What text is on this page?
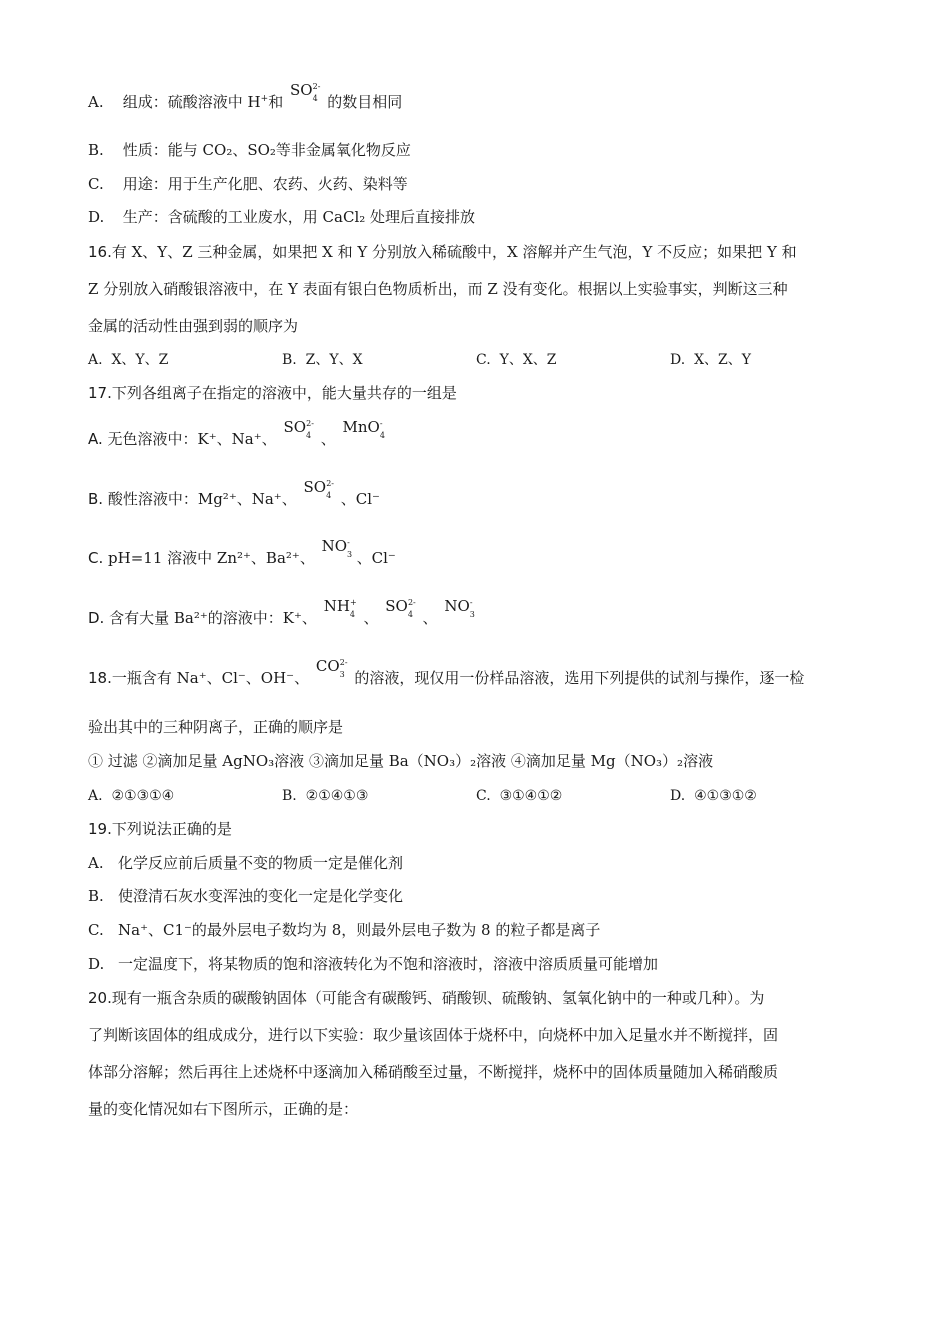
A. 组成：硫酸溶液中 H+和 $SO^{42-}$ 的数目相同
B. 性质：能与 CO₂、SO₂等非金属氧化物反应
C. 用途：用于生产化肥、农药、火药、染料等
D. 生产：含硫酸的工业废水，用 CaCl₂ 处理后直接排放
16.有 X、Y、Z 三种金属，如果把 X 和 Y 分别放入稀硫酸中，X 溶解并产生气泡，Y 不反应；如果把 Y 和
Z 分别放入硝酸银溶液中，在 Y 表面有银白色物质析出，而 Z 没有变化。根据以上实验事实，判断这三种
金属的活动性由强到弱的顺序为
A. X、Y、Z	B. Z、Y、X	C. Y、X、Z	D. X、Z、Y
17.下列各组离子在指定的溶液中，能大量共存的一组是
A. 无色溶液中：K⁺、Na⁺、 $SO^{42-}$ 、 MnO$^{4-}$
B. 酸性溶液中：Mg²⁺、Na⁺、 $SO^{42-}$ 、Cl⁻
C. pH=11 溶液中 Zn²⁺、Ba²⁺、 $NO^{3-}$ 、Cl⁻
D. 含有大量 Ba²⁺的溶液中：K⁺、 $NH^{4+}$ 、 $SO^{42-}$ 、 $NO^{3-}$
18.一瓶含有 Na⁺、Cl⁻、OH⁻、 $CO^{32-}$ 的溶液，现仅用一份样品溶液，选用下列提供的试剂与操作，逐一检
验出其中的三种阴离子，正确的顺序是
① 过滤 ②滴加足量 AgNO₃溶液 ③滴加足量 Ba（NO₃）₂溶液 ④滴加足量 Mg（NO₃）₂溶液
A. ②①③①④	B. ②①④①③	C. ③①④①②	D. ④①③①②
19.下列说法正确的是
A. 化学反应前后质量不变的物质一定是催化剂
B. 使澄清石灰水变浑浊的变化一定是化学变化
C. Na⁺、C1⁻的最外层电子数均为 8，则最外层电子数为 8 的粒子都是离子
D. 一定温度下，将某物质的饱和溶液转化为不饱和溶液时，溶液中溶质质量可能增加
20.现有一瓶含杂质的碳酸钠固体（可能含有碳酸钙、硝酸钡、硫酸钠、氢氧化钠中的一种或几种）。为
了判断该固体的组成成分，进行以下实验：取少量该固体于烧杯中，向烧杯中加入足量水并不断搅拌，固
体部分溶解；然后再往上述烧杯中逐滴加入稀硝酸至过量，不断搅拌，烧杯中的固体质量随加入稀硝酸质
量的变化情况如右下图所示，正确的是：
